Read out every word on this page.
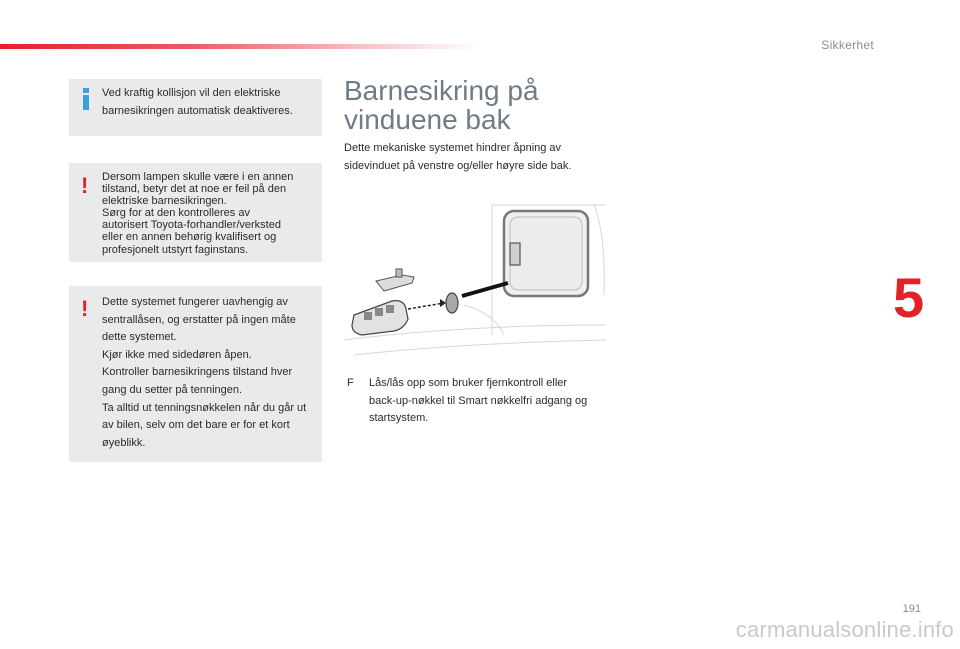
Sikkerhet
5
Ved kraftig kollisjon vil den elektriske barnesikringen automatisk deaktiveres.
! Dersom lampen skulle være i en annen

tilstand, betyr det at noe er feil på den

elektriske barnesikringen.

Sørg for at den kontrolleres av

autorisert Toyota-forhandler/verksted

eller en annen behørig kvalifisert og

profesjonelt utstyrt faginstans.

! Dette systemet fungerer uavhengig av sentrallåsen, og erstatter på ingen måte dette systemet.

Kjør ikke med sidedøren åpen.

Kontroller barnesikringens tilstand hver gang du setter på tenningen.

Ta alltid ut tenningsnøkkelen når du går ut av bilen, selv om det bare er for et kort øyeblikk.

Barnesikring på
vinduene bak

Dette mekaniske systemet hindrer åpning av sidevinduet på venstre og/eller høyre side bak.

F Lås/lås opp som bruker fjernkontroll eller back-up-nøkkel til Smart nøkkelfri adgang og startsystem.

191
carmanualsonline.info
